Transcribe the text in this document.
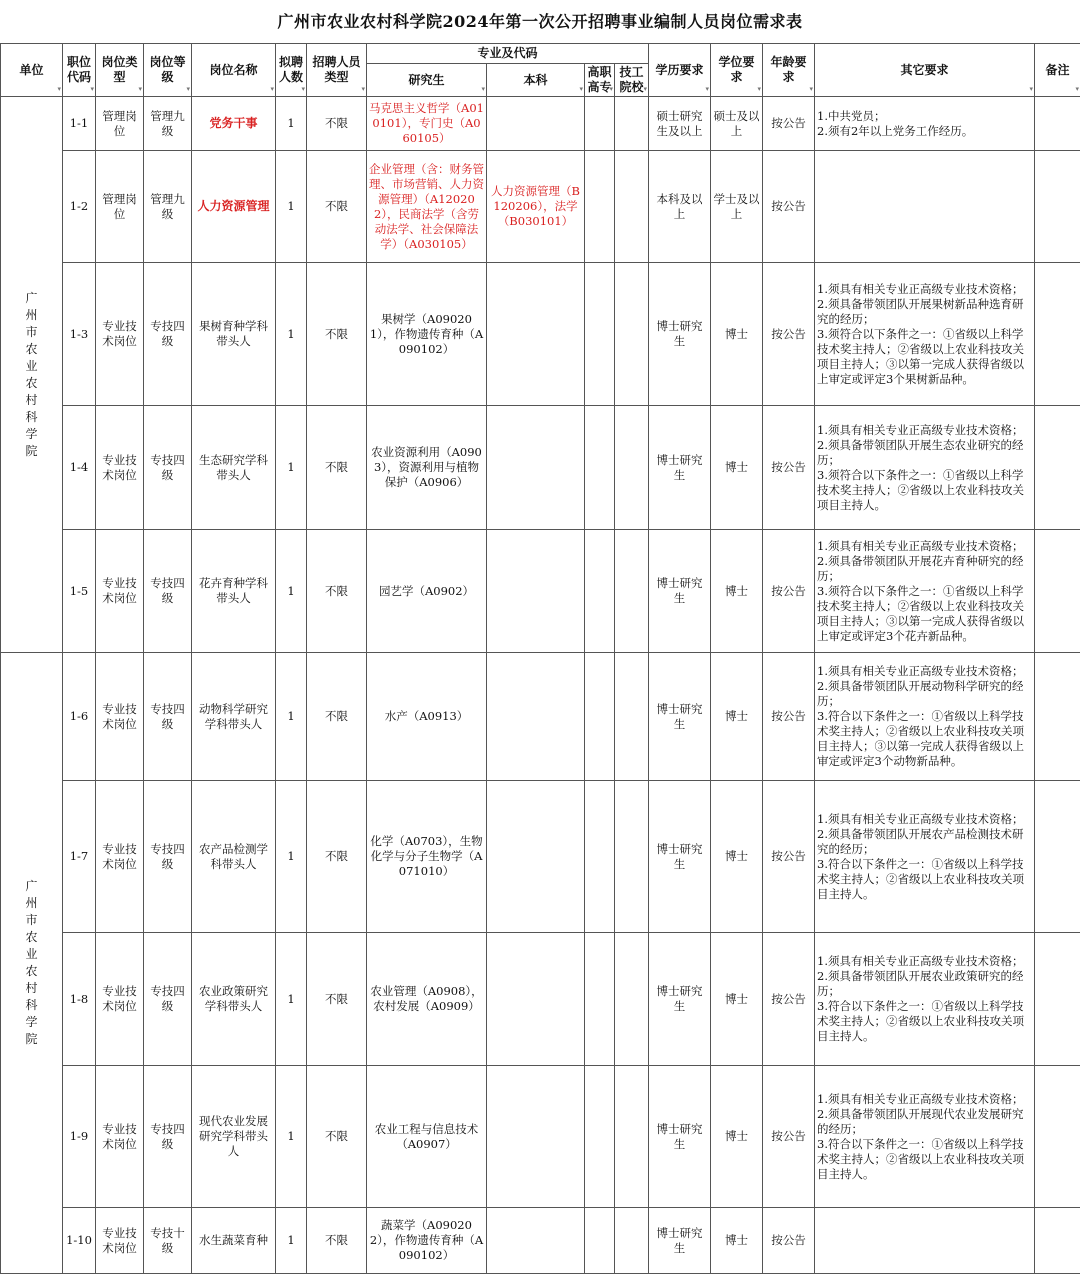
广州市农业农村科学院2024年第一次公开招聘事业编制人员岗位需求表
单位 ▾	职位代码 ▾	岗位类型 ▾	岗位等级 ▾	岗位名称 ▾	拟聘人数 ▾	招聘人员类型 ▾	专业及代码				学历要求 ▾	学位要求 ▾	年龄要求 ▾	其它要求 ▾	备注 ▾
							研究生 ▾	本科 ▾	高职高专 ▾	技工院校 ▾
广州市农业农村科学院	1-1	管理岗位	管理九级	党务干事	1	不限	马克思主义哲学（A010101），专门史（A060105）				硕士研究生及以上	硕士及以上	按公告	1.中共党员；
2.须有2年以上党务工作经历。	
	1-2	管理岗位	管理九级	人力资源管理	1	不限	企业管理（含：财务管理、市场营销、人力资源管理）（A120202），民商法学（含劳动法学、社会保障法学）（A030105）	人力资源管理（B120206），法学（B030101）			本科及以上	学士及以上	按公告		
	1-3	专业技术岗位	专技四级	果树育种学科带头人	1	不限	果树学（A090201），作物遗传育种（A090102）				博士研究生	博士	按公告	1.须具有相关专业正高级专业技术资格；
2.须具备带领团队开展果树新品种选育研究的经历；
3.须符合以下条件之一：①省级以上科学技术奖主持人；②省级以上农业科技攻关项目主持人；③以第一完成人获得省级以上审定或评定3个果树新品种。	
	1-4	专业技术岗位	专技四级	生态研究学科带头人	1	不限	农业资源利用（A0903），资源利用与植物保护（A0906）				博士研究生	博士	按公告	1.须具有相关专业正高级专业技术资格；
2.须具备带领团队开展生态农业研究的经历；
3.须符合以下条件之一：①省级以上科学技术奖主持人；②省级以上农业科技攻关项目主持人。	
	1-5	专业技术岗位	专技四级	花卉育种学科带头人	1	不限	园艺学（A0902）				博士研究生	博士	按公告	1.须具有相关专业正高级专业技术资格；
2.须具备带领团队开展花卉育种研究的经历；
3.须符合以下条件之一：①省级以上科学技术奖主持人；②省级以上农业科技攻关项目主持人；③以第一完成人获得省级以上审定或评定3个花卉新品种。	
广州市农业农村科学院	1-6	专业技术岗位	专技四级	动物科学研究学科带头人	1	不限	水产（A0913）				博士研究生	博士	按公告	1.须具有相关专业正高级专业技术资格；
2.须具备带领团队开展动物科学研究的经历；
3.符合以下条件之一：①省级以上科学技术奖主持人；②省级以上农业科技攻关项目主持人；③以第一完成人获得省级以上审定或评定3个动物新品种。	
	1-7	专业技术岗位	专技四级	农产品检测学科带头人	1	不限	化学（A0703），生物化学与分子生物学（A071010）				博士研究生	博士	按公告	1.须具有相关专业正高级专业技术资格；
2.须具备带领团队开展农产品检测技术研究的经历；
3.符合以下条件之一：①省级以上科学技术奖主持人；②省级以上农业科技攻关项目主持人。	
	1-8	专业技术岗位	专技四级	农业政策研究学科带头人	1	不限	农业管理（A0908），农村发展（A0909）				博士研究生	博士	按公告	1.须具有相关专业正高级专业技术资格；
2.须具备带领团队开展农业政策研究的经历；
3.符合以下条件之一：①省级以上科学技术奖主持人；②省级以上农业科技攻关项目主持人。	
	1-9	专业技术岗位	专技四级	现代农业发展研究学科带头人	1	不限	农业工程与信息技术（A0907）				博士研究生	博士	按公告	1.须具有相关专业正高级专业技术资格；
2.须具备带领团队开展现代农业发展研究的经历；
3.符合以下条件之一：①省级以上科学技术奖主持人；②省级以上农业科技攻关项目主持人。	
	1-10	专业技术岗位	专技十级	水生蔬菜育种	1	不限	蔬菜学（A090202），作物遗传育种（A090102）				博士研究生	博士	按公告		
